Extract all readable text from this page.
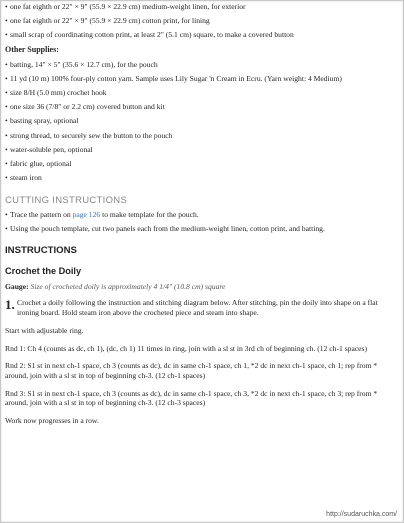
• one fat eighth or 22" × 9" (55.9 × 22.9 cm) medium-weight linen, for exterior
• one fat eighth or 22" × 9" (55.9 × 22.9 cm) cotton print, for lining
• small scrap of coordinating cotton print, at least 2" (5.1 cm) square, to make a covered button
Other Supplies:
• batting, 14" × 5" (35.6 × 12.7 cm), for the pouch
• 11 yd (10 m) 100% four-ply cotton yarn. Sample uses Lily Sugar 'n Cream in Ecru. (Yarn weight: 4 Medium)
• size 8/H (5.0 mm) crochet hook
• one size 36 (7/8" or 2.2 cm) covered button and kit
• basting spray, optional
• strong thread, to securely sew the button to the pouch
• water-soluble pen, optional
• fabric glue, optional
• steam iron
CUTTING INSTRUCTIONS
• Trace the pattern on page 126 to make template for the pouch.
• Using the pouch template, cut two panels each from the medium-weight linen, cotton print, and batting.
INSTRUCTIONS
Crochet the Doily
Gauge: Size of crocheted doily is approximately 4 1/4" (10.8 cm) square
1. Crochet a doily following the instruction and stitching diagram below. After stitching, pin the doily into shape on a flat ironing board. Hold steam iron above the crocheted piece and steam into shape.

Start with adjustable ring.

Rnd 1: Ch 4 (counts as dc, ch 1), (dc, ch 1) 11 times in ring, join with a sl st in 3rd ch of beginning ch. (12 ch-1 spaces)

Rnd 2: S1 st in next ch-1 space, ch 3 (counts as dc), dc in same ch-1 space, ch 1, *2 dc in next ch-1 space, ch 1; rep from * around, join with a sl st in top of beginning ch-3. (12 ch-1 spaces)

Rnd 3: S1 st in next ch-1 space, ch 3 (counts as dc), dc in same ch-1 space, ch 3, *2 dc in next ch-1 space, ch 3; rep from * around, join with a sl st in top of beginning ch-3. (12 ch-3 spaces)

Work now progresses in a row.

http://sudaruchka.com/
